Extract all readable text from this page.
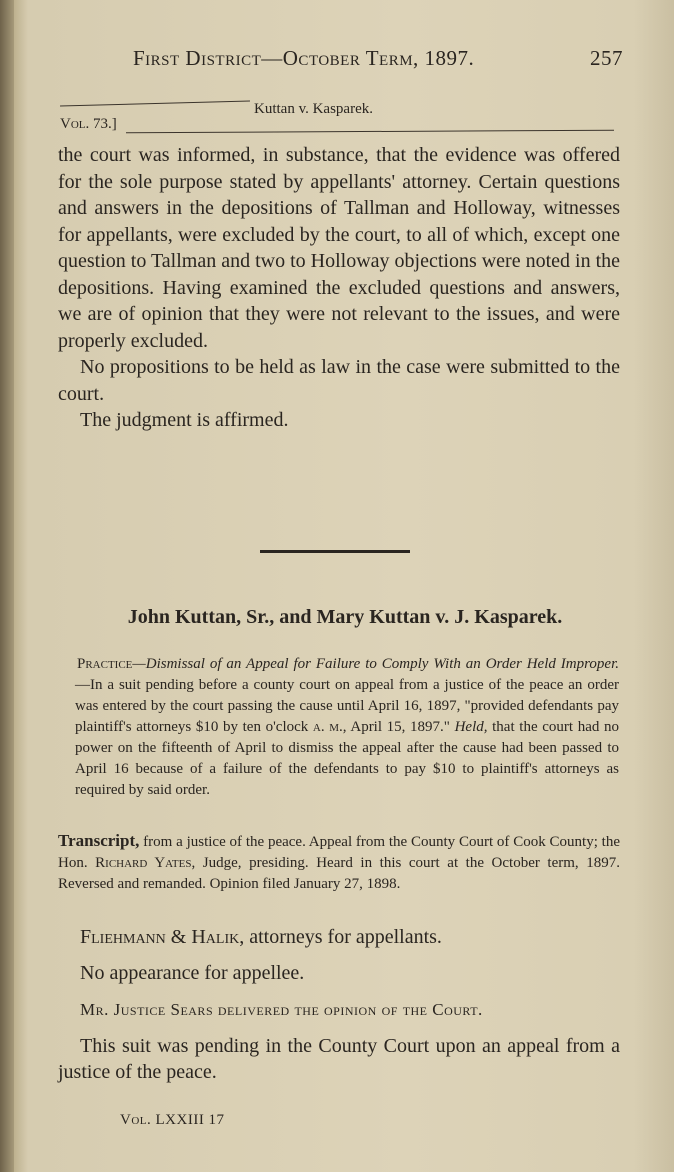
First District—October Term, 1897.	257
Vol. 73.]
Kuttan v. Kasparek.

the court was informed, in substance, that the evidence was offered for the sole purpose stated by appellants' attorney. Certain questions and answers in the depositions of Tallman and Holloway, witnesses for appellants, were excluded by the court, to all of which, except one question to Tallman and two to Holloway objections were noted in the depositions. Having examined the excluded questions and answers, we are of opinion that they were not relevant to the issues, and were properly excluded.

No propositions to be held as law in the case were submitted to the court.

The judgment is affirmed.

John Kuttan, Sr., and Mary Kuttan v. J. Kasparek.
Practice—Dismissal of an Appeal for Failure to Comply With an Order Held Improper.—In a suit pending before a county court on appeal from a justice of the peace an order was entered by the court passing the cause until April 16, 1897, "provided defendants pay plaintiff's attorneys $10 by ten o'clock a. m., April 15, 1897." Held, that the court had no power on the fifteenth of April to dismiss the appeal after the cause had been passed to April 16 because of a failure of the defendants to pay $10 to plaintiff's attorneys as required by said order.
Transcript, from a justice of the peace. Appeal from the County Court of Cook County; the Hon. Richard Yates, Judge, presiding. Heard in this court at the October term, 1897. Reversed and remanded. Opinion filed January 27, 1898.

Fliehmann & Halik, attorneys for appellants.

No appearance for appellee.

Mr. Justice Sears delivered the opinion of the Court.

This suit was pending in the County Court upon an appeal from a justice of the peace.

Vol. LXXIII 17
